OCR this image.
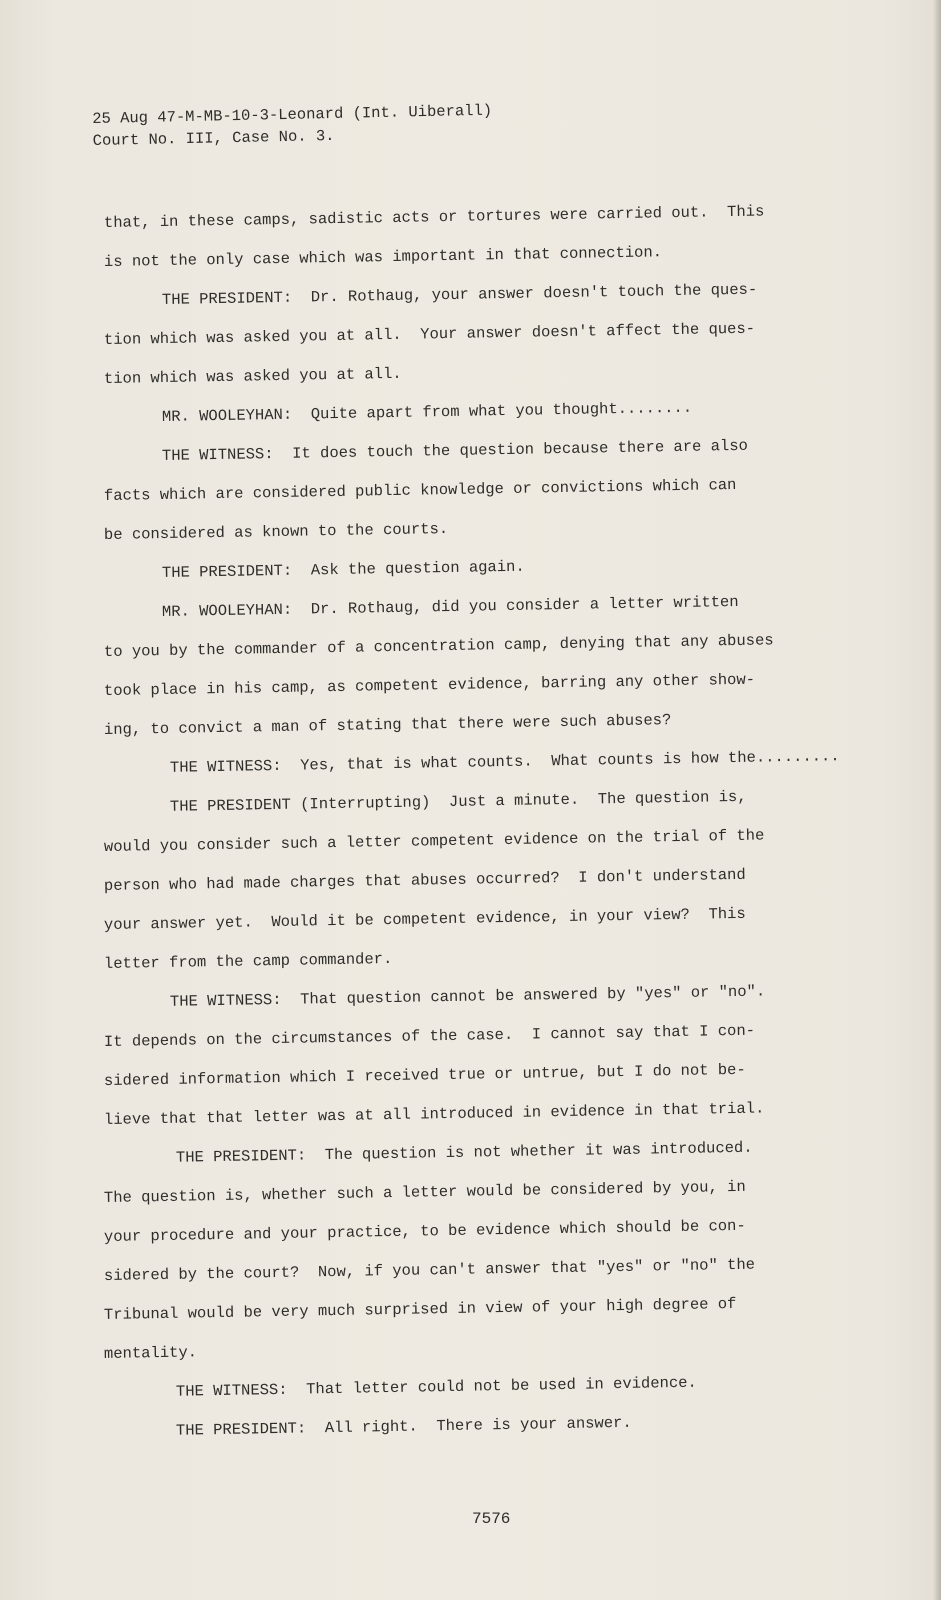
25 Aug 47-M-MB-10-3-Leonard (Int. Uiberall)
Court No. III, Case No. 3.

that, in these camps, sadistic acts or tortures were carried out.  This

is not the only case which was important in that connection.

THE PRESIDENT:  Dr. Rothaug, your answer doesn't touch the ques-

tion which was asked you at all.  Your answer doesn't affect the ques-

tion which was asked you at all.

MR. WOOLEYHAN:  Quite apart from what you thought........

THE WITNESS:  It does touch the question because there are also

facts which are considered public knowledge or convictions which can

be considered as known to the courts.

THE PRESIDENT:  Ask the question again.

MR. WOOLEYHAN:  Dr. Rothaug, did you consider a letter written

to you by the commander of a concentration camp, denying that any abuses

took place in his camp, as competent evidence, barring any other show-

ing, to convict a man of stating that there were such abuses?

THE WITNESS:  Yes, that is what counts.  What counts is how the.........

THE PRESIDENT (Interrupting)  Just a minute.  The question is,

would you consider such a letter competent evidence on the trial of the

person who had made charges that abuses occurred?  I don't understand

your answer yet.  Would it be competent evidence, in your view?  This

letter from the camp commander.

THE WITNESS:  That question cannot be answered by "yes" or "no".

It depends on the circumstances of the case.  I cannot say that I con-

sidered information which I received true or untrue, but I do not be-

lieve that that letter was at all introduced in evidence in that trial.

THE PRESIDENT:  The question is not whether it was introduced.

The question is, whether such a letter would be considered by you, in

your procedure and your practice, to be evidence which should be con-

sidered by the court?  Now, if you can't answer that "yes" or "no" the

Tribunal would be very much surprised in view of your high degree of

mentality.

THE WITNESS:  That letter could not be used in evidence.

THE PRESIDENT:  All right.  There is your answer.

7576
